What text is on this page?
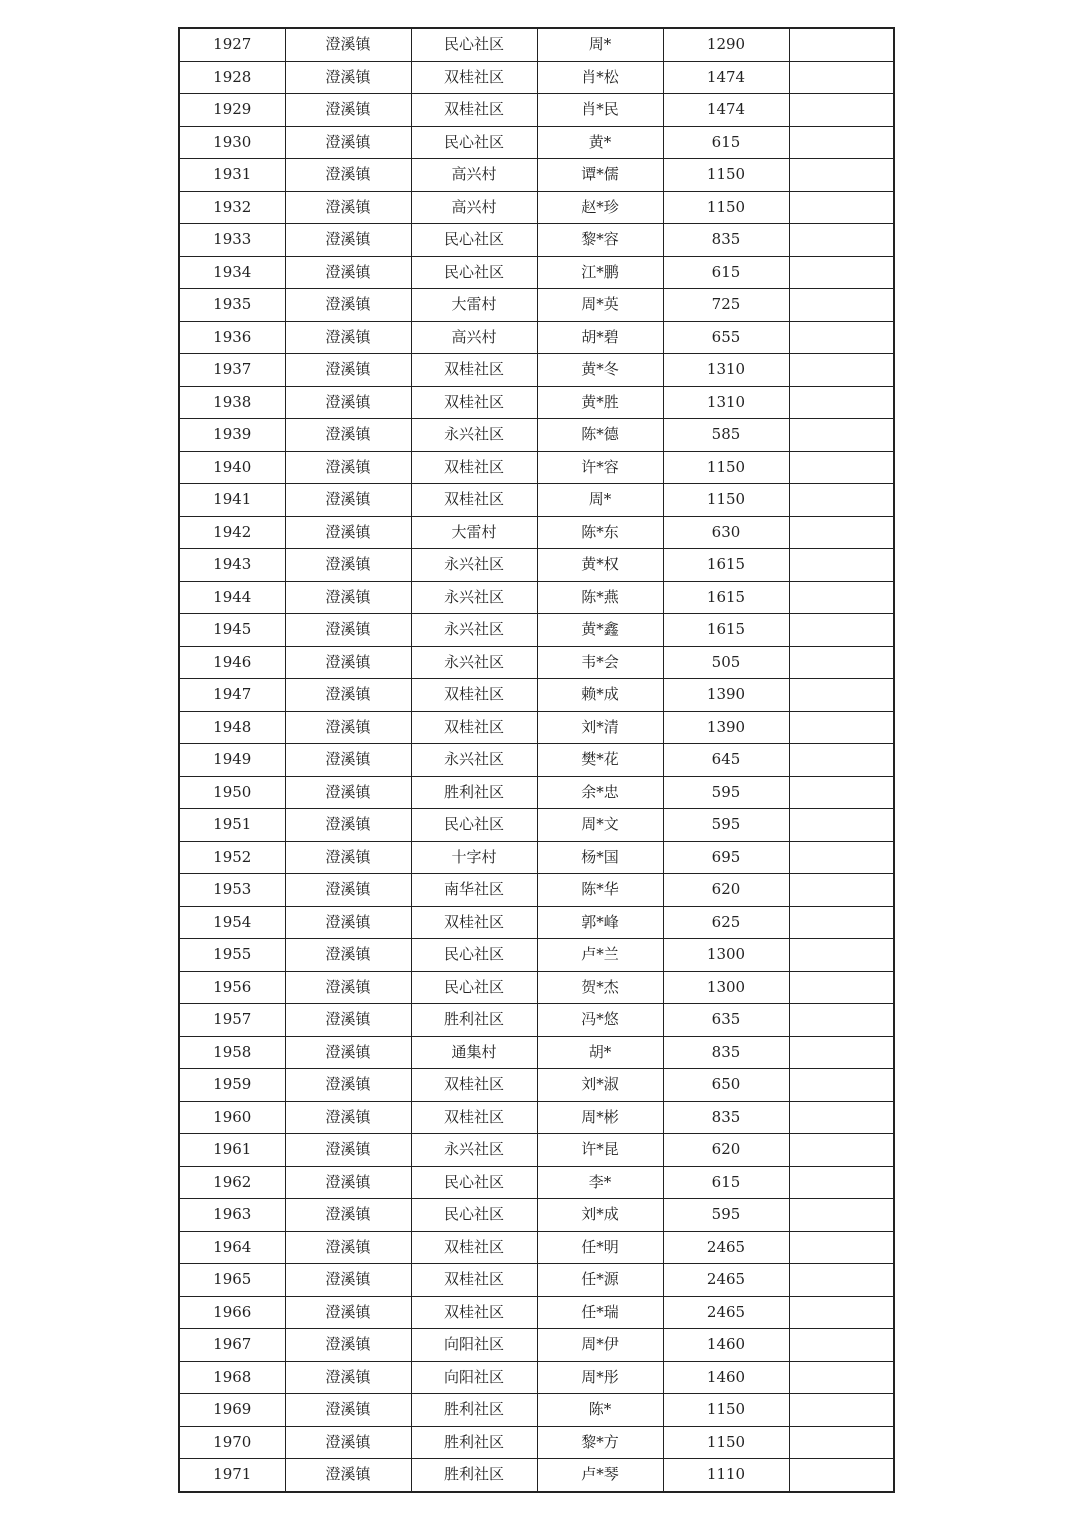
1927	澄溪镇	民心社区	周*	1290	
1928	澄溪镇	双桂社区	肖*松	1474	
1929	澄溪镇	双桂社区	肖*民	1474	
1930	澄溪镇	民心社区	黄*	615	
1931	澄溪镇	高兴村	谭*儒	1150	
1932	澄溪镇	高兴村	赵*珍	1150	
1933	澄溪镇	民心社区	黎*容	835	
1934	澄溪镇	民心社区	江*鹏	615	
1935	澄溪镇	大雷村	周*英	725	
1936	澄溪镇	高兴村	胡*碧	655	
1937	澄溪镇	双桂社区	黄*冬	1310	
1938	澄溪镇	双桂社区	黄*胜	1310	
1939	澄溪镇	永兴社区	陈*德	585	
1940	澄溪镇	双桂社区	许*容	1150	
1941	澄溪镇	双桂社区	周*	1150	
1942	澄溪镇	大雷村	陈*东	630	
1943	澄溪镇	永兴社区	黄*权	1615	
1944	澄溪镇	永兴社区	陈*燕	1615	
1945	澄溪镇	永兴社区	黄*鑫	1615	
1946	澄溪镇	永兴社区	韦*会	505	
1947	澄溪镇	双桂社区	赖*成	1390	
1948	澄溪镇	双桂社区	刘*清	1390	
1949	澄溪镇	永兴社区	樊*花	645	
1950	澄溪镇	胜利社区	余*忠	595	
1951	澄溪镇	民心社区	周*文	595	
1952	澄溪镇	十字村	杨*国	695	
1953	澄溪镇	南华社区	陈*华	620	
1954	澄溪镇	双桂社区	郭*峰	625	
1955	澄溪镇	民心社区	卢*兰	1300	
1956	澄溪镇	民心社区	贺*杰	1300	
1957	澄溪镇	胜利社区	冯*悠	635	
1958	澄溪镇	通集村	胡*	835	
1959	澄溪镇	双桂社区	刘*淑	650	
1960	澄溪镇	双桂社区	周*彬	835	
1961	澄溪镇	永兴社区	许*昆	620	
1962	澄溪镇	民心社区	李*	615	
1963	澄溪镇	民心社区	刘*成	595	
1964	澄溪镇	双桂社区	任*明	2465	
1965	澄溪镇	双桂社区	任*源	2465	
1966	澄溪镇	双桂社区	任*瑞	2465	
1967	澄溪镇	向阳社区	周*伊	1460	
1968	澄溪镇	向阳社区	周*彤	1460	
1969	澄溪镇	胜利社区	陈*	1150	
1970	澄溪镇	胜利社区	黎*方	1150	
1971	澄溪镇	胜利社区	卢*琴	1110	
